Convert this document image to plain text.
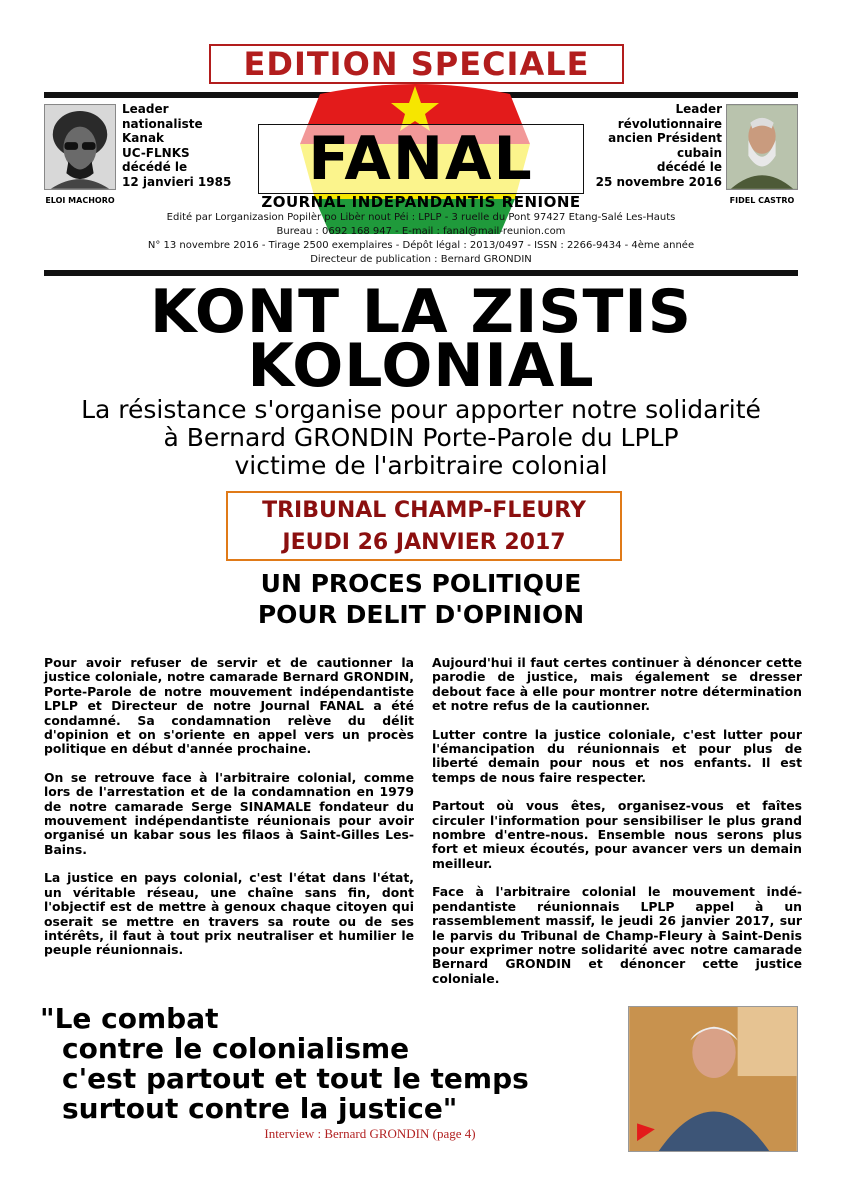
EDITION SPECIALE
ELOI MACHORO
Leader
nationaliste
Kanak
UC-FLNKS
décédé le
12 janvieri 1985
FIDEL CASTRO
Leader
révolutionnaire
ancien Président
cubain
décédé le
25 novembre 2016
FANAL
ZOURNAL INDEPANDANTIS RENIONE
Edité par Lorganizasion Popilèr po Libèr nout Péi : LPLP - 3 ruelle du Pont 97427 Etang-Salé Les-Hauts
Bureau : 0692 168 947 - E-mail : fanal@mail-reunion.com
N° 13 novembre 2016 - Tirage 2500 exemplaires - Dépôt légal : 2013/0497 - ISSN : 2266-9434 - 4ème année
Directeur de publication : Bernard GRONDIN
KONT LA ZISTIS
KOLONIAL
La résistance s'organise pour apporter notre solidarité
à Bernard GRONDIN Porte-Parole du LPLP
victime de l'arbitraire colonial
TRIBUNAL CHAMP-FLEURY
JEUDI 26 JANVIER 2017
UN PROCES POLITIQUE
POUR DELIT D'OPINION

Pour avoir refuser de servir et de cautionner la justice coloniale, notre camarade Bernard GRONDIN, Porte-Parole de notre mouvement indépendantiste LPLP et Directeur de notre Journal FANAL a été condamné. Sa condamnation relève du délit d'opinion et on s'oriente en appel vers un procès politique en début d'année prochaine.

On se retrouve face à l'arbitraire colonial, comme lors de l'arrestation et de la condamnation en 1979 de notre camarade Serge SINAMALE fondateur du mouvement indépendantiste réunionais pour avoir organisé un kabar sous les filaos à Saint-Gilles Les-Bains.

La justice en pays colonial, c'est l'état dans l'état, un véritable réseau, une chaîne sans fin, dont l'objectif est de mettre à genoux chaque citoyen qui oserait se mettre en travers sa route ou de ses intérêts, il faut à tout prix neutraliser et humilier le peuple réunionnais.

Aujourd'hui il faut certes continuer à dénoncer cette parodie de justice, mais également se dresser debout face à elle pour montrer notre détermination et notre refus de la cautionner.

Lutter contre la justice coloniale, c'est lutter pour l'émancipation du réunionnais et pour plus de liberté demain pour nous et nos enfants. Il est temps de nous faire respecter.

Partout où vous êtes, organisez-vous et faîtes circuler l'information pour sensibiliser le plus grand nombre d'entre-nous. Ensemble nous serons plus fort et mieux écoutés, pour avancer vers un demain meilleur.

Face à l'arbitraire colonial le mouvement indé-pendantiste réunionnais LPLP appel à un rassemblement massif, le jeudi 26 janvier 2017, sur le parvis du Tribunal de Champ-Fleury à Saint-Denis pour exprimer notre solidarité avec notre camarade Bernard GRONDIN et dénoncer cette justice coloniale.

"Le combat
contre le colonialisme
c'est partout et tout le temps
surtout contre la justice"
Interview : Bernard GRONDIN (page 4)
